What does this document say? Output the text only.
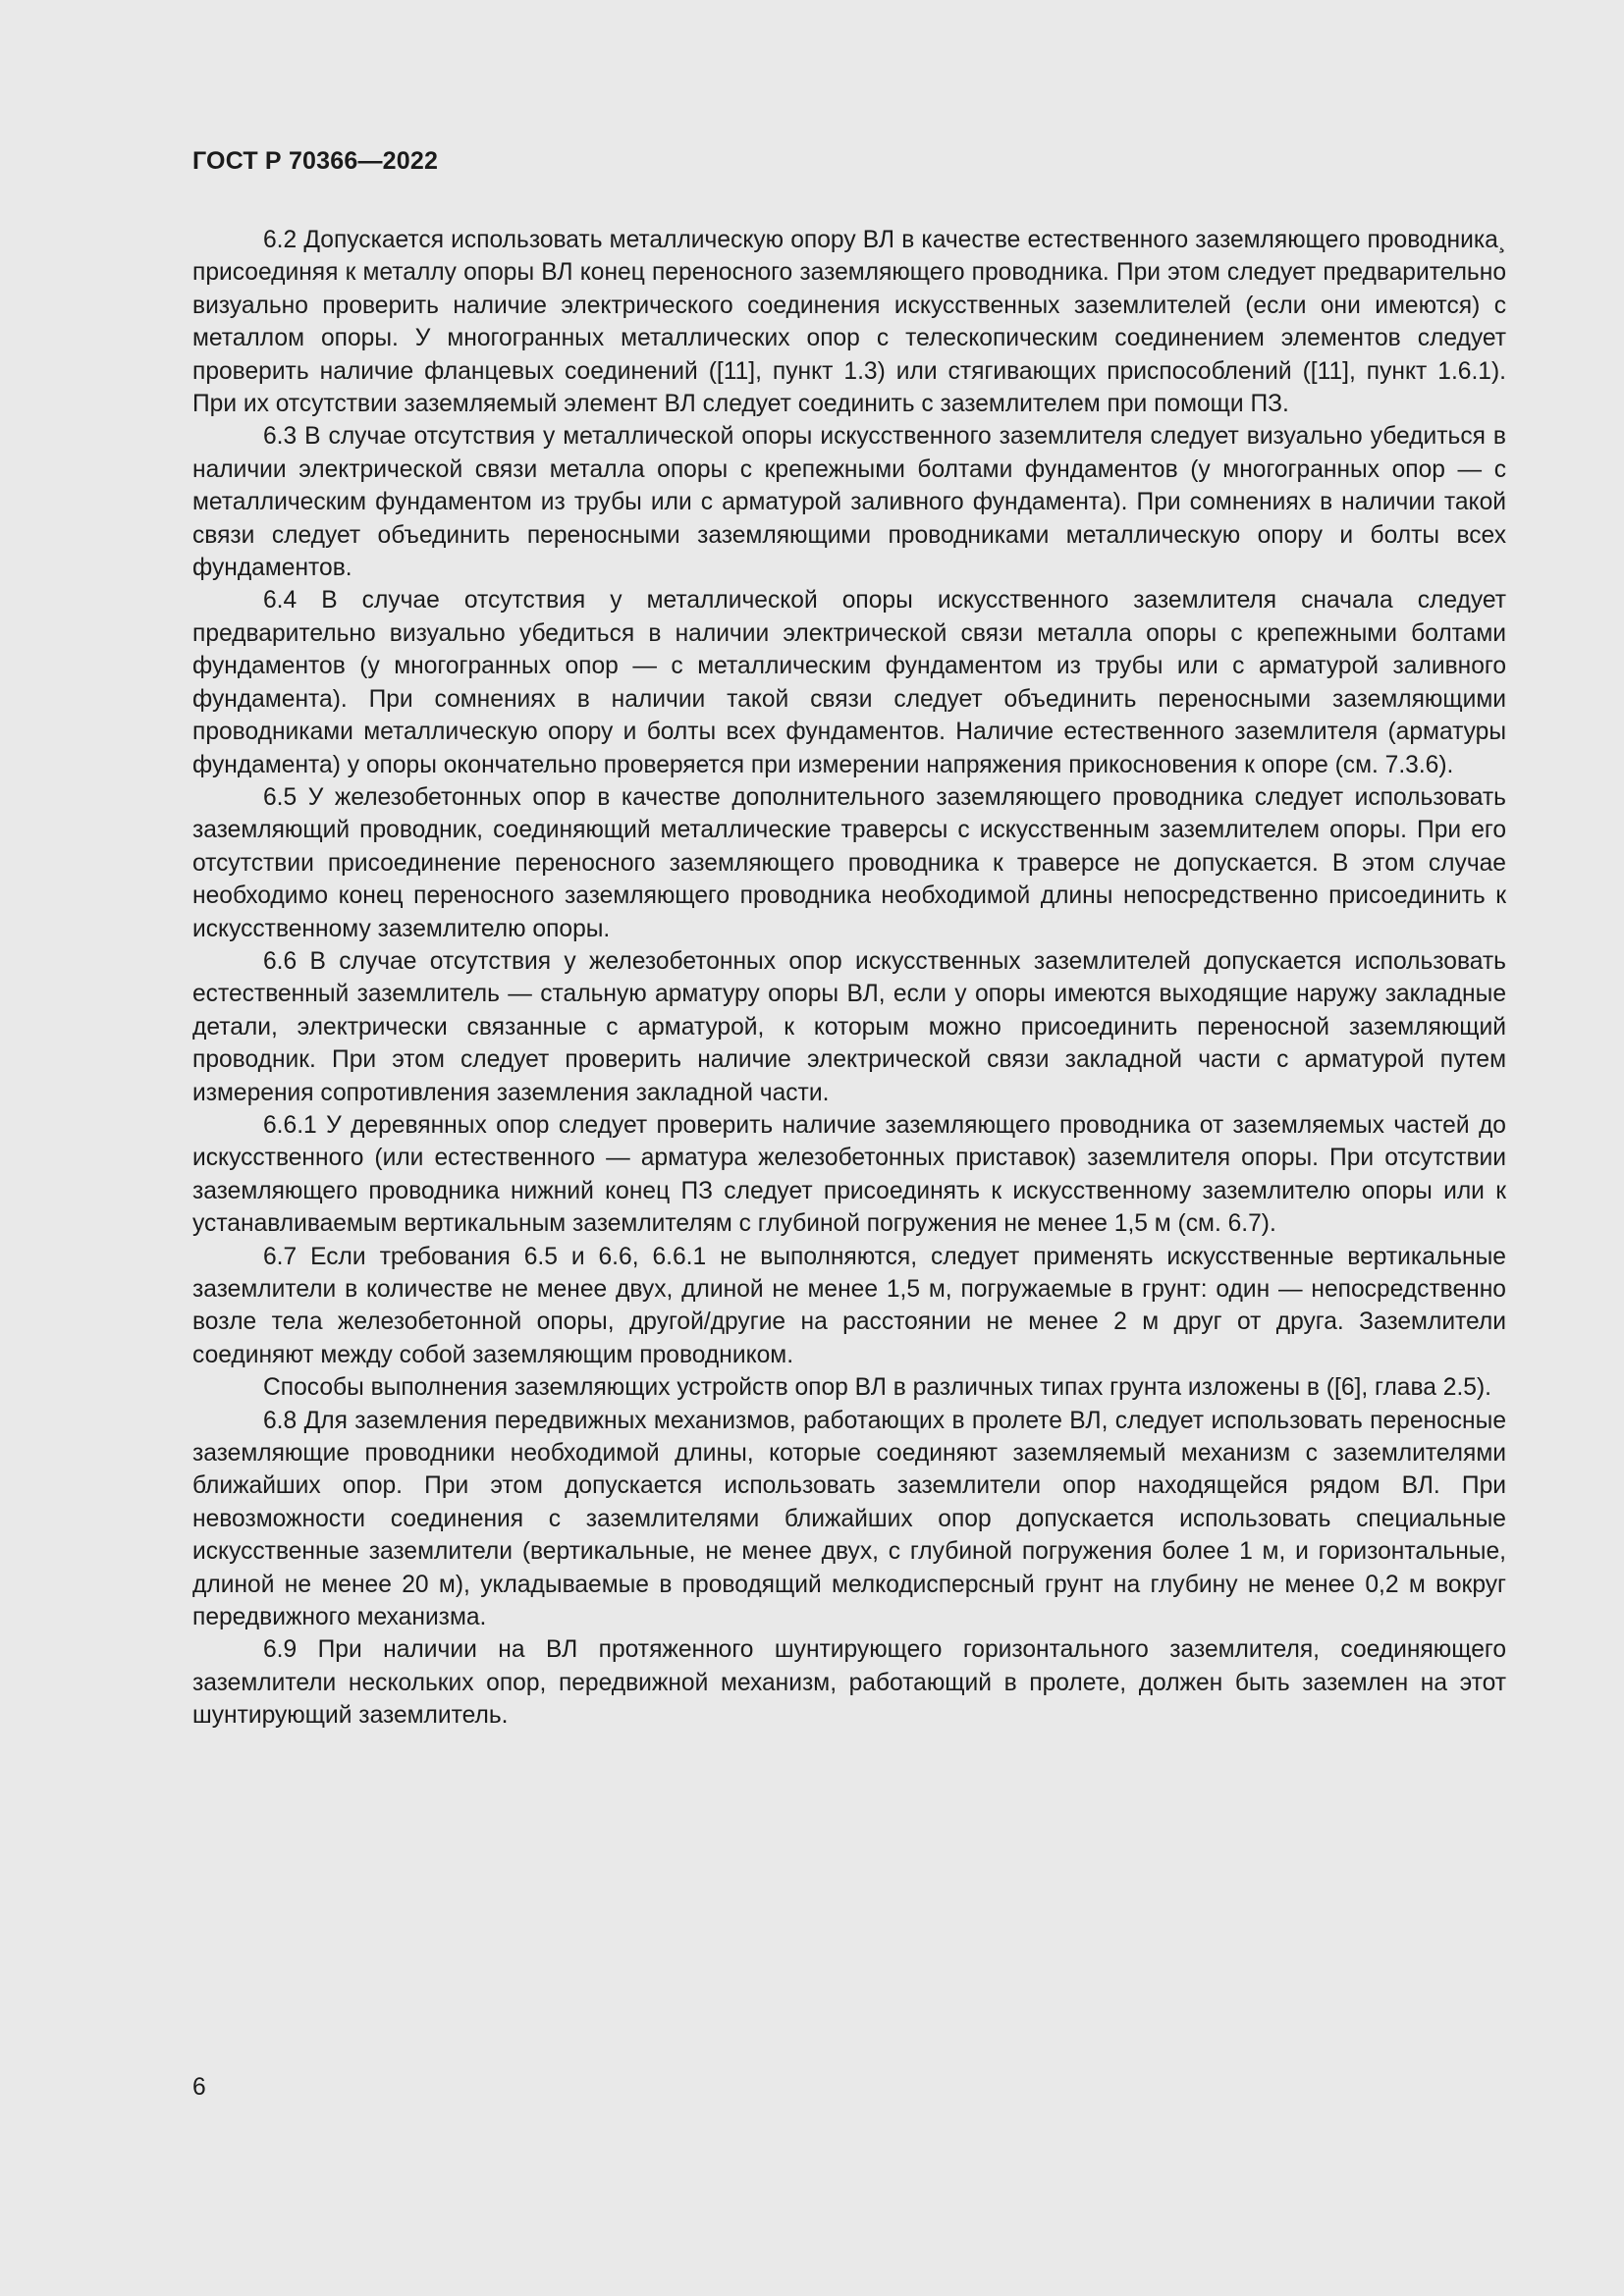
ГОСТ Р 70366—2022

6.2 Допускается использовать металлическую опору ВЛ в качестве естественного заземляющего проводника¸ присоединяя к металлу опоры ВЛ конец переносного заземляющего проводника. При этом следует предварительно визуально проверить наличие электрического соединения искусственных заземлителей (если они имеются) с металлом опоры. У многогранных металлических опор с телескопическим соединением элементов следует проверить наличие фланцевых соединений ([11], пункт 1.3) или стягивающих приспособлений ([11], пункт 1.6.1). При их отсутствии заземляемый элемент ВЛ следует соединить с заземлителем при помощи ПЗ.

6.3 В случае отсутствия у металлической опоры искусственного заземлителя следует визуально убедиться в наличии электрической связи металла опоры с крепежными болтами фундаментов (у многогранных опор — с металлическим фундаментом из трубы или с арматурой заливного фундамента). При сомнениях в наличии такой связи следует объединить переносными заземляющими проводниками металлическую опору и болты всех фундаментов.

6.4 В случае отсутствия у металлической опоры искусственного заземлителя сначала следует предварительно визуально убедиться в наличии электрической связи металла опоры с крепежными болтами фундаментов (у многогранных опор — с металлическим фундаментом из трубы или с арматурой заливного фундамента). При сомнениях в наличии такой связи следует объединить переносными заземляющими проводниками металлическую опору и болты всех фундаментов. Наличие естественного заземлителя (арматуры фундамента) у опоры окончательно проверяется при измерении напряжения прикосновения к опоре (см. 7.3.6).

6.5 У железобетонных опор в качестве дополнительного заземляющего проводника следует использовать заземляющий проводник, соединяющий металлические траверсы с искусственным заземлителем опоры. При его отсутствии присоединение переносного заземляющего проводника к траверсе не допускается. В этом случае необходимо конец переносного заземляющего проводника необходимой длины непосредственно присоединить к искусственному заземлителю опоры.

6.6 В случае отсутствия у железобетонных опор искусственных заземлителей допускается использовать естественный заземлитель — стальную арматуру опоры ВЛ, если у опоры имеются выходящие наружу закладные детали, электрически связанные с арматурой, к которым можно присоединить переносной заземляющий проводник. При этом следует проверить наличие электрической связи закладной части с арматурой путем измерения сопротивления заземления закладной части.

6.6.1 У деревянных опор следует проверить наличие заземляющего проводника от заземляемых частей до искусственного (или естественного — арматура железобетонных приставок) заземлителя опоры. При отсутствии заземляющего проводника нижний конец ПЗ следует присоединять к искусственному заземлителю опоры или к устанавливаемым вертикальным заземлителям с глубиной погружения не менее 1,5 м (см. 6.7).

6.7 Если требования 6.5 и 6.6, 6.6.1 не выполняются, следует применять искусственные вертикальные заземлители в количестве не менее двух, длиной не менее 1,5 м, погружаемые в грунт: один — непосредственно возле тела железобетонной опоры, другой/другие на расстоянии не менее 2 м друг от друга. Заземлители соединяют между собой заземляющим проводником.

Способы выполнения заземляющих устройств опор ВЛ в различных типах грунта изложены в ([6], глава 2.5).

6.8 Для заземления передвижных механизмов, работающих в пролете ВЛ, следует использовать переносные заземляющие проводники необходимой длины, которые соединяют заземляемый механизм с заземлителями ближайших опор. При этом допускается использовать заземлители опор находящейся рядом ВЛ. При невозможности соединения с заземлителями ближайших опор допускается использовать специальные искусственные заземлители (вертикальные, не менее двух, с глубиной погружения более 1 м, и горизонтальные, длиной не менее 20 м), укладываемые в проводящий мелкодисперсный грунт на глубину не менее 0,2 м вокруг передвижного механизма.

6.9 При наличии на ВЛ протяженного шунтирующего горизонтального заземлителя, соединяющего заземлители нескольких опор, передвижной механизм, работающий в пролете, должен быть заземлен на этот шунтирующий заземлитель.

6
